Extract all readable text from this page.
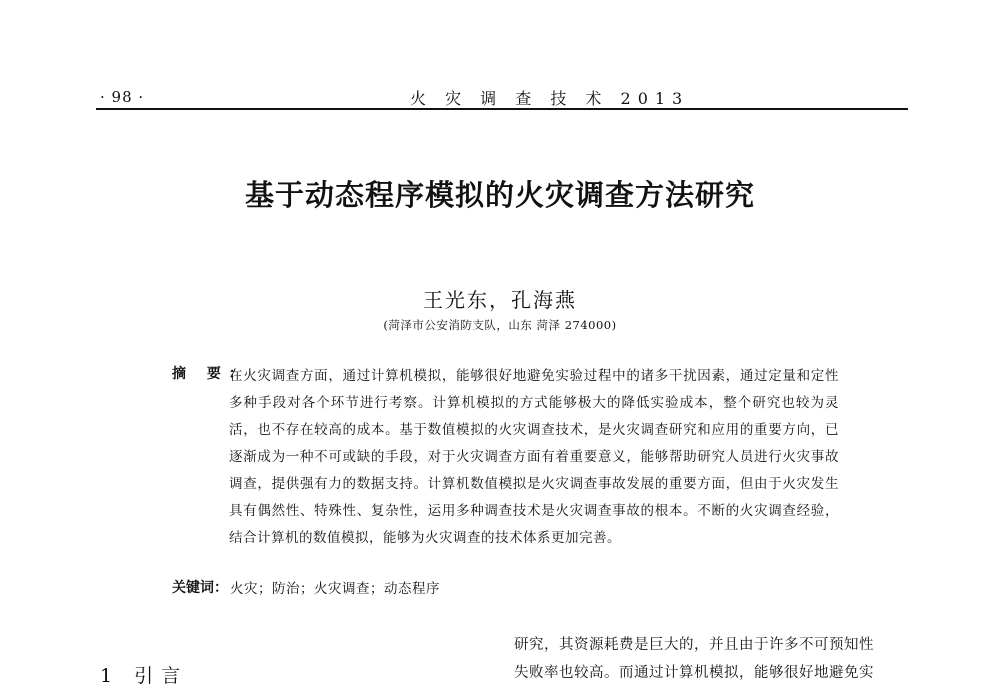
· 98 ·	火 灾 调 查 技 术 2013
基于动态程序模拟的火灾调查方法研究
王光东，孔海燕
(菏泽市公安消防支队，山东 菏泽 274000)
摘 要：
在火灾调查方面，通过计算机模拟，能够很好地避免实验过程中的诸多干扰因素，通过定量和定性多种手段对各个环节进行考察。计算机模拟的方式能够极大的降低实验成本，整个研究也较为灵活，也不存在较高的成本。基于数值模拟的火灾调查技术，是火灾调查研究和应用的重要方向，已逐渐成为一种不可或缺的手段，对于火灾调查方面有着重要意义，能够帮助研究人员进行火灾事故调查，提供强有力的数据支持。计算机数值模拟是火灾调查事故发展的重要方面，但由于火灾发生具有偶然性、特殊性、复杂性，运用多种调查技术是火灾调查事故的根本。不断的火灾调查经验，结合计算机的数值模拟，能够为火灾调查的技术体系更加完善。
关键词： 火灾；防治；火灾调查；动态程序
1 引言
研究，其资源耗费是巨大的，并且由于许多不可预知性
失败率也较高。而通过计算机模拟，能够很好地避免实
